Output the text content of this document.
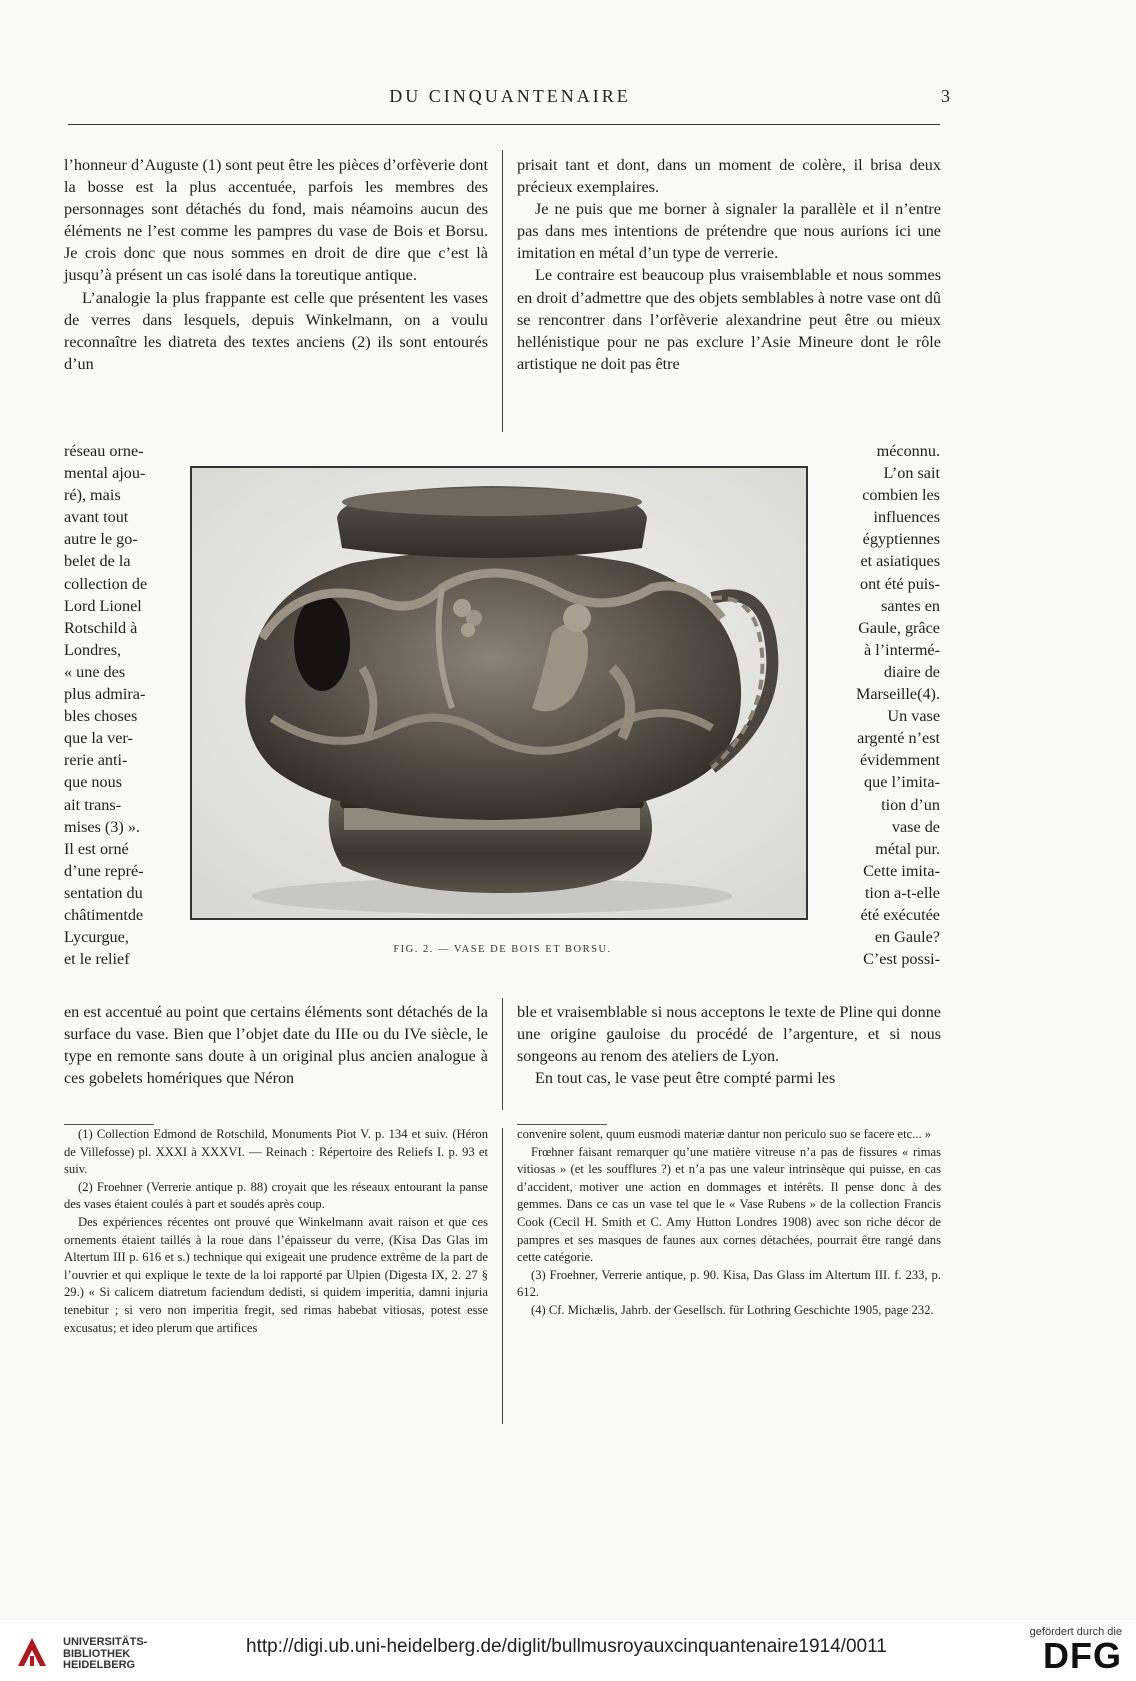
DU CINQUANTENAIRE	3

l’honneur d’Auguste (1) sont peut être les pièces d’orfèverie dont la bosse est la plus accentuée, parfois les membres des personnages sont détachés du fond, mais néamoins aucun des éléments ne l’est comme les pampres du vase de Bois et Borsu. Je crois donc que nous sommes en droit de dire que c’est là jusqu’à présent un cas isolé dans la toreutique antique.

L’analogie la plus frappante est celle que présentent les vases de verres dans lesquels, depuis Winkelmann, on a voulu reconnaître les diatreta des textes anciens (2) ils sont entourés d’un

prisait tant et dont, dans un moment de colère, il brisa deux précieux exemplaires.

Je ne puis que me borner à signaler la parallèle et il n’entre pas dans mes intentions de prétendre que nous aurions ici une imitation en métal d’un type de verrerie.

Le contraire est beaucoup plus vraisemblable et nous sommes en droit d’admettre que des objets semblables à notre vase ont dû se rencontrer dans l’orfèverie alexandrine peut être ou mieux hellénistique pour ne pas exclure l’Asie Mineure dont le rôle artistique ne doit pas être

réseau orne-
mental ajou-
ré), mais
avant tout
autre le go-
belet de la
collection de
Lord Lionel
Rotschild à
Londres,
« une des
plus admira-
bles choses
que la ver-
rerie anti-
que nous
ait trans-
mises (3) ».
Il est orné
d’une repré-
sentation du
châtimentde
Lycurgue,
et le relief
méconnu.
L’on sait
combien les
influences
égyptiennes
et asiatiques
ont été puis-
santes en
Gaule, grâce
à l’intermé-
diaire de
Marseille(4).
Un vase
argenté n’est
évidemment
que l’imita-
tion d’un
vase de
métal pur.
Cette imita-
tion a-t-elle
été exécutée
en Gaule?
C’est possi-
FIG. 2. — VASE DE BOIS ET BORSU.

en est accentué au point que certains éléments sont détachés de la surface du vase. Bien que l’objet date du IIIe ou du IVe siècle, le type en remonte sans doute à un original plus ancien analogue à ces gobelets homériques que Néron

ble et vraisemblable si nous acceptons le texte de Pline qui donne une origine gauloise du procédé de l’argenture, et si nous songeons au renom des ateliers de Lyon.

En tout cas, le vase peut être compté parmi les

(1) Collection Edmond de Rotschild, Monuments Piot V. p. 134 et suiv. (Héron de Villefosse) pl. XXXI à XXXVI. — Reinach : Répertoire des Reliefs I. p. 93 et suiv.

(2) Froehner (Verrerie antique p. 88) croyait que les réseaux entourant la panse des vases étaient coulés à part et soudés après coup.

Des expériences récentes ont prouvé que Winkelmann avait raison et que ces ornements étaient taillés à la roue dans l’épaisseur du verre, (Kisa Das Glas im Altertum III p. 616 et s.) technique qui exigeait une prudence extrême de la part de l’ouvrier et qui explique le texte de la loi rapporté par Ulpien (Digesta IX, 2. 27 § 29.) « Si calicem diatretum faciendum dedisti, si quidem imperitia, damni injuria tenebitur ; si vero non imperitia fregit, sed rimas habebat vitiosas, potest esse excusatus; et ideo plerum que artifices

convenire solent, quum eusmodi materiæ dantur non periculo suo se facere etc... »

Frœhner faisant remarquer qu’une matière vitreuse n’a pas de fissures « rimas vitiosas » (et les soufflures ?) et n’a pas une valeur intrinsèque qui puisse, en cas d’accident, motiver une action en dommages et intérêts. Il pense donc à des gemmes. Dans ce cas un vase tel que le « Vase Rubens » de la collection Francis Cook (Cecil H. Smith et C. Amy Hutton Londres 1908) avec son riche décor de pampres et ses masques de faunes aux cornes détachées, pourrait être rangé dans cette catégorie.

(3) Froehner, Verrerie antique, p. 90. Kisa, Das Glass im Altertum III. f. 233, p. 612.

(4) Cf. Michælis, Jahrb. der Gesellsch. für Lothring Geschichte 1905, page 232.

UNIVERSITÄTS-
BIBLIOTHEK
HEIDELBERG
http://digi.ub.uni-heidelberg.de/diglit/bullmusroyauxcinquantenaire1914/0011
gefördert durch die
DFG
